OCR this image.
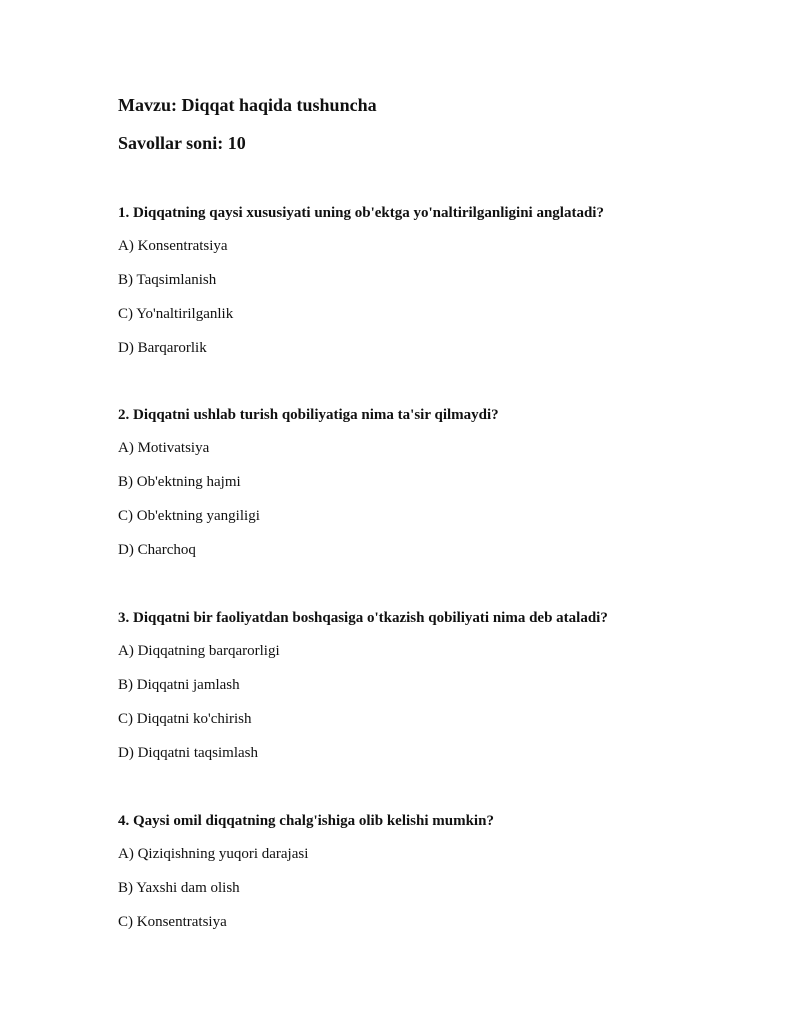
Mavzu: Diqqat haqida tushuncha
Savollar soni: 10
1. Diqqatning qaysi xususiyati uning ob'ektga yo'naltirilganligini anglatadi?
A) Konsentratsiya
B) Taqsimlanish
C) Yo'naltirilganlik
D) Barqarorlik
2. Diqqatni ushlab turish qobiliyatiga nima ta'sir qilmaydi?
A) Motivatsiya
B) Ob'ektning hajmi
C) Ob'ektning yangiligi
D) Charchoq
3. Diqqatni bir faoliyatdan boshqasiga o'tkazish qobiliyati nima deb ataladi?
A) Diqqatning barqarorligi
B) Diqqatni jamlash
C) Diqqatni ko'chirish
D) Diqqatni taqsimlash
4. Qaysi omil diqqatning chalg'ishiga olib kelishi mumkin?
A) Qiziqishning yuqori darajasi
B) Yaxshi dam olish
C) Konsentratsiya
